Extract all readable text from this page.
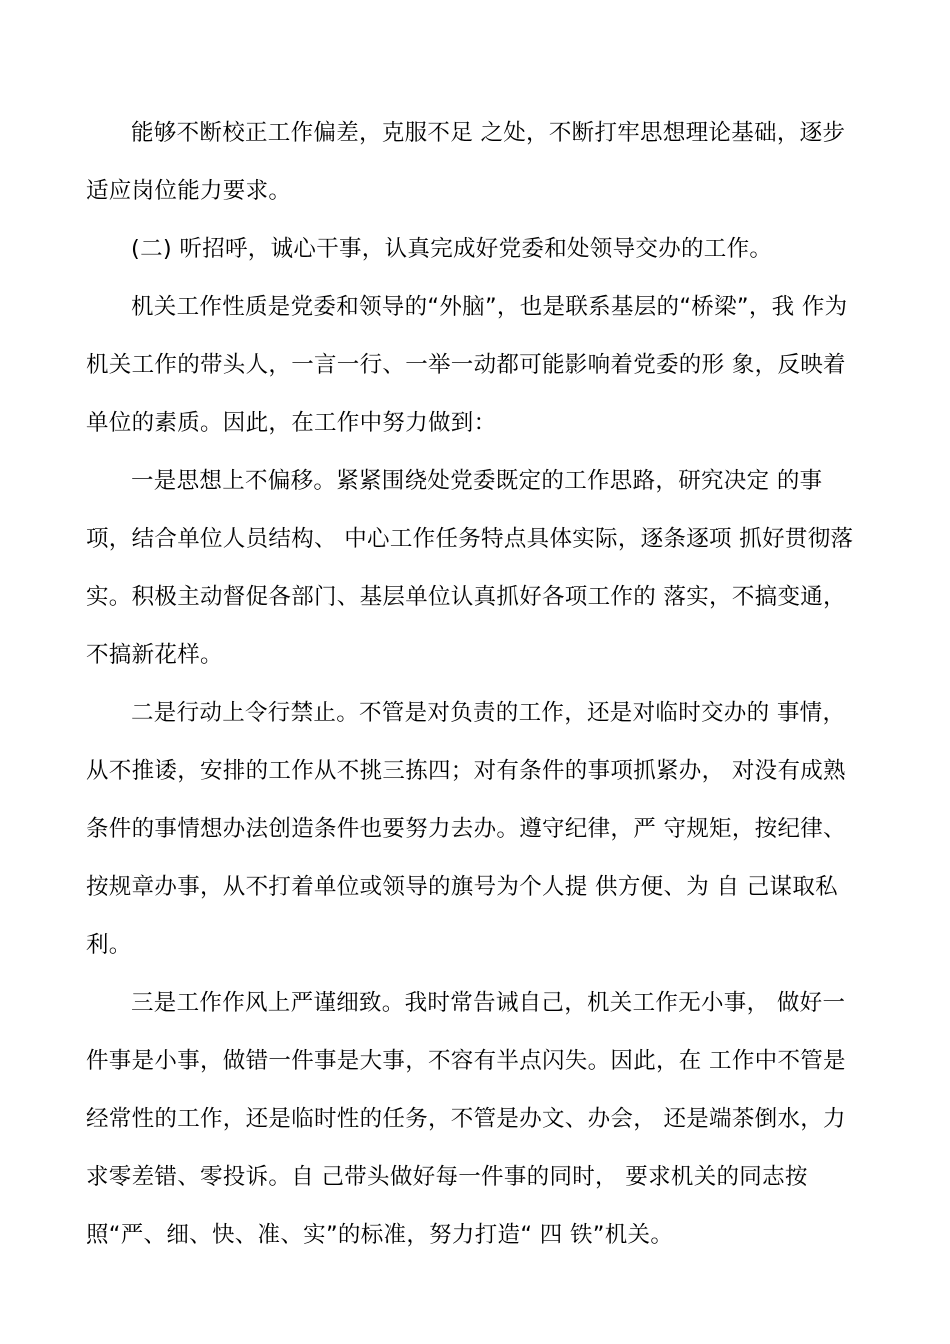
能够不断校正工作偏差，克服不足 之处，不断打牢思想理论基础，逐步适应岗位能力要求。

(二) 听招呼，诚心干事，认真完成好党委和处领导交办的工作。

机关工作性质是党委和领导的“外脑”，也是联系基层的“桥梁”，我 作为机关工作的带头人，一言一行、一举一动都可能影响着党委的形 象，反映着单位的素质。因此，在工作中努力做到：

一是思想上不偏移。紧紧围绕处党委既定的工作思路，研究决定 的事项，结合单位人员结构、 中心工作任务特点具体实际，逐条逐项 抓好贯彻落实。积极主动督促各部门、基层单位认真抓好各项工作的 落实，不搞变通，不搞新花样。

二是行动上令行禁止。不管是对负责的工作，还是对临时交办的 事情，从不推诿，安排的工作从不挑三拣四；对有条件的事项抓紧办， 对没有成熟条件的事情想办法创造条件也要努力去办。遵守纪律，严 守规矩，按纪律、按规章办事，从不打着单位或领导的旗号为个人提 供方便、为 自 己谋取私利。

三是工作作风上严谨细致。我时常告诫自己，机关工作无小事， 做好一件事是小事，做错一件事是大事，不容有半点闪失。因此，在 工作中不管是经常性的工作，还是临时性的任务，不管是办文、办会， 还是端茶倒水，力求零差错、零投诉。自 己带头做好每一件事的同时， 要求机关的同志按照“严、细、快、准、实”的标准，努力打造“ 四 铁”机关。
